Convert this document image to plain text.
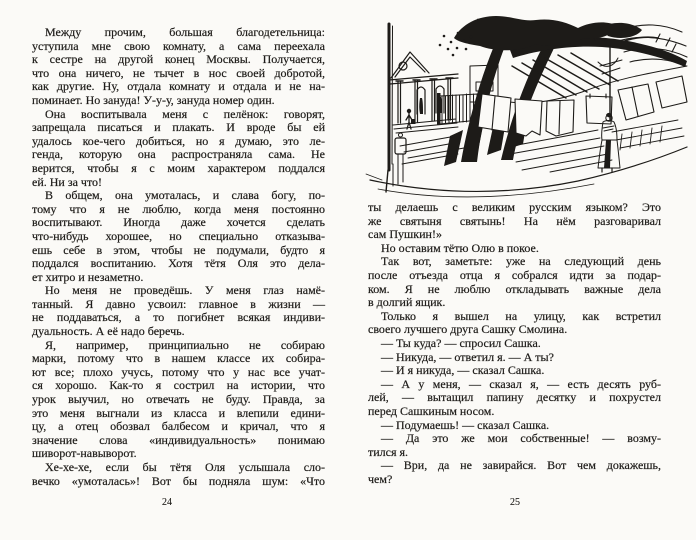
Между прочим, большая благодетельница:
уступила мне свою комнату, а сама переехала
к сестре на другой конец Москвы. Получается,
что она ничего, не тычет в нос своей добротой,
как другие. Ну, отдала комнату и отдала и не на-
поминает. Но зануда! У-у-у, зануда номер один.
Она воспитывала меня с пелёнок: говорят,
запрещала писаться и плакать. И вроде бы ей
удалось кое-чего добиться, но я думаю, это ле-
генда, которую она распространяла сама. Не
верится, чтобы я с моим характером поддался
ей. Ни за что!
В общем, она умоталась, и слава богу, по-
тому что я не люблю, когда меня постоянно
воспитывают. Иногда даже хочется сделать
что-нибудь хорошее, но специально отказыва-
ешь себе в этом, чтобы не подумали, будто я
поддался воспитанию. Хотя тётя Оля это дела-
ет хитро и незаметно.
Но меня не проведёшь. У меня глаз намё-
танный. Я давно усвоил: главное в жизни —
не поддаваться, а то погибнет всякая индиви-
дуальность. А её надо беречь.
Я, например, принципиально не собираю
марки, потому что в нашем классе их собира-
ют все; плохо учусь, потому что у нас все учат-
ся хорошо. Как-то я сострил на истории, что
урок выучил, но отвечать не буду. Правда, за
это меня выгнали из класса и влепили едини-
цу, а отец обозвал балбесом и кричал, что я
значение слова «индивидуальность» понимаю
шиворот-навыворот.
Хе-хе-хе, если бы тётя Оля услышала сло-
вечко «умоталась»! Вот бы подняла шум: «Что
ты делаешь с великим русским языком? Это
же святыня святынь! На нём разговаривал
сам Пушкин!»
Но оставим тётю Олю в покое.
Так вот, заметьте: уже на следующий день
после отъезда отца я собрался идти за подар-
ком. Я не люблю откладывать важные дела
в долгий ящик.
Только я вышел на улицу, как встретил
своего лучшего друга Сашку Смолина.
— Ты куда? — спросил Сашка.
— Никуда, — ответил я. — А ты?
— И я никуда, — сказал Сашка.
— А у меня, — сказал я, — есть десять руб-
лей, — вытащил папину десятку и похрустел
перед Сашкиным носом.
— Подумаешь! — сказал Сашка.
— Да это же мои собственные! — возму-
тился я.
— Ври, да не завирайся. Вот чем докажешь,
чем?
24	25
